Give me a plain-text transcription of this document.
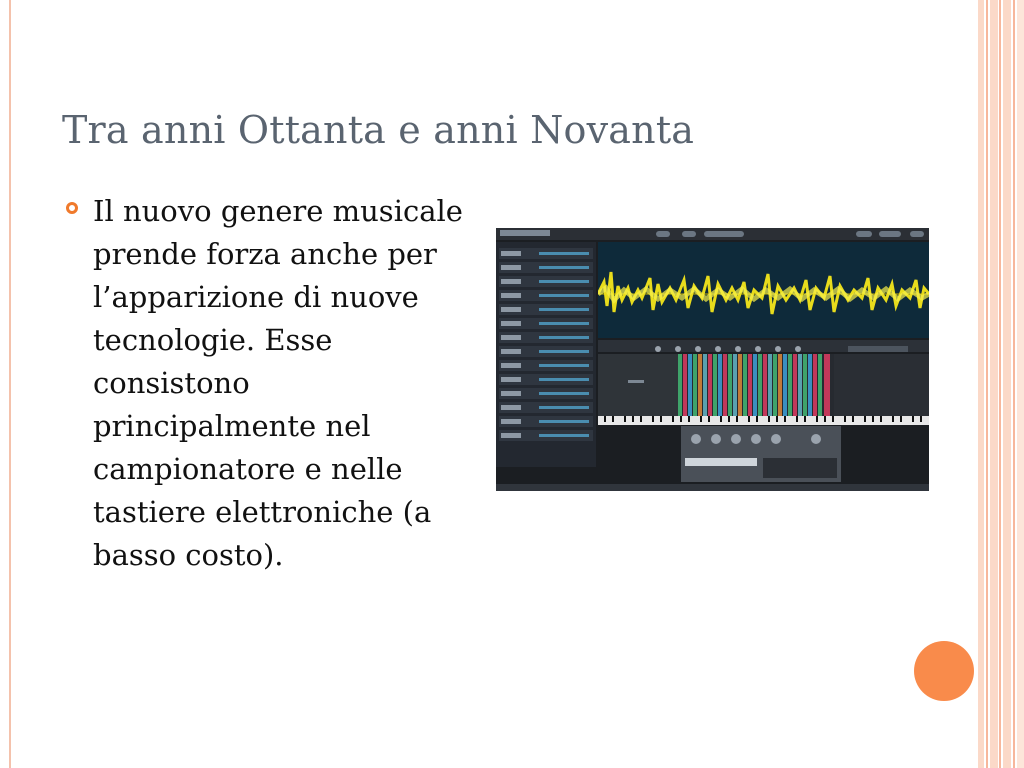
Tra anni Ottanta e anni Novanta
Il nuovo genere musicale prende forza anche per l’apparizione di nuove tecnologie. Esse consistono principalmente nel campionatore e nelle tastiere elettroniche (a basso costo).
